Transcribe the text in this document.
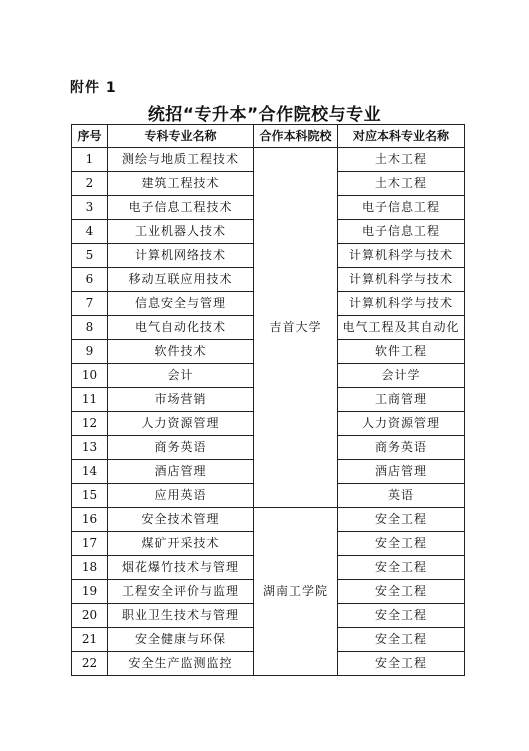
附件 1
统招“专升本”合作院校与专业
序号	专科专业名称	合作本科院校	对应本科专业名称
1	测绘与地质工程技术	吉首大学	土木工程
2	建筑工程技术		土木工程
3	电子信息工程技术		电子信息工程
4	工业机器人技术		电子信息工程
5	计算机网络技术		计算机科学与技术
6	移动互联应用技术		计算机科学与技术
7	信息安全与管理		计算机科学与技术
8	电气自动化技术		电气工程及其自动化
9	软件技术		软件工程
10	会计		会计学
11	市场营销		工商管理
12	人力资源管理		人力资源管理
13	商务英语		商务英语
14	酒店管理		酒店管理
15	应用英语		英语
16	安全技术管理	湖南工学院	安全工程
17	煤矿开采技术		安全工程
18	烟花爆竹技术与管理		安全工程
19	工程安全评价与监理		安全工程
20	职业卫生技术与管理		安全工程
21	安全健康与环保		安全工程
22	安全生产监测监控		安全工程
